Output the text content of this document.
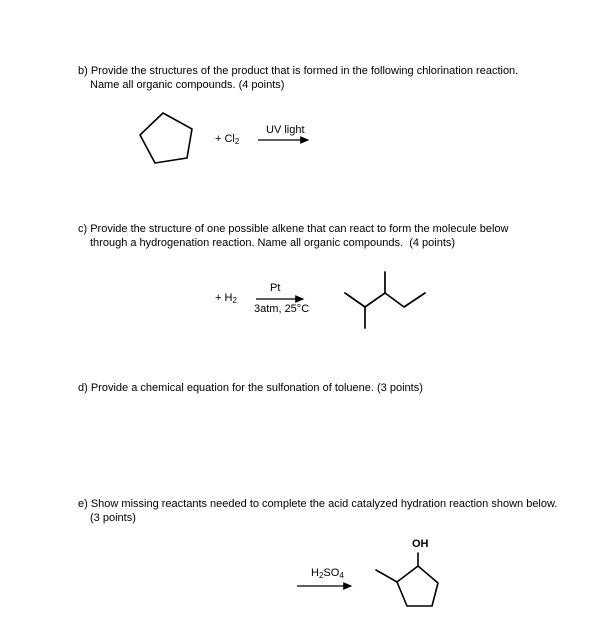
b) Provide the structures of the product that is formed in the following chlorination reaction.
Name all organic compounds. (4 points)
c) Provide the structure of one possible alkene that can react to form the molecule below
through a hydrogenation reaction. Name all organic compounds.  (4 points)
d) Provide a chemical equation for the sulfonation of toluene. (3 points)
e) Show missing reactants needed to complete the acid catalyzed hydration reaction shown below.
(3 points)
+ Cl2
UV light
+ H2
Pt
3atm, 25°C
H2SO4
OH
